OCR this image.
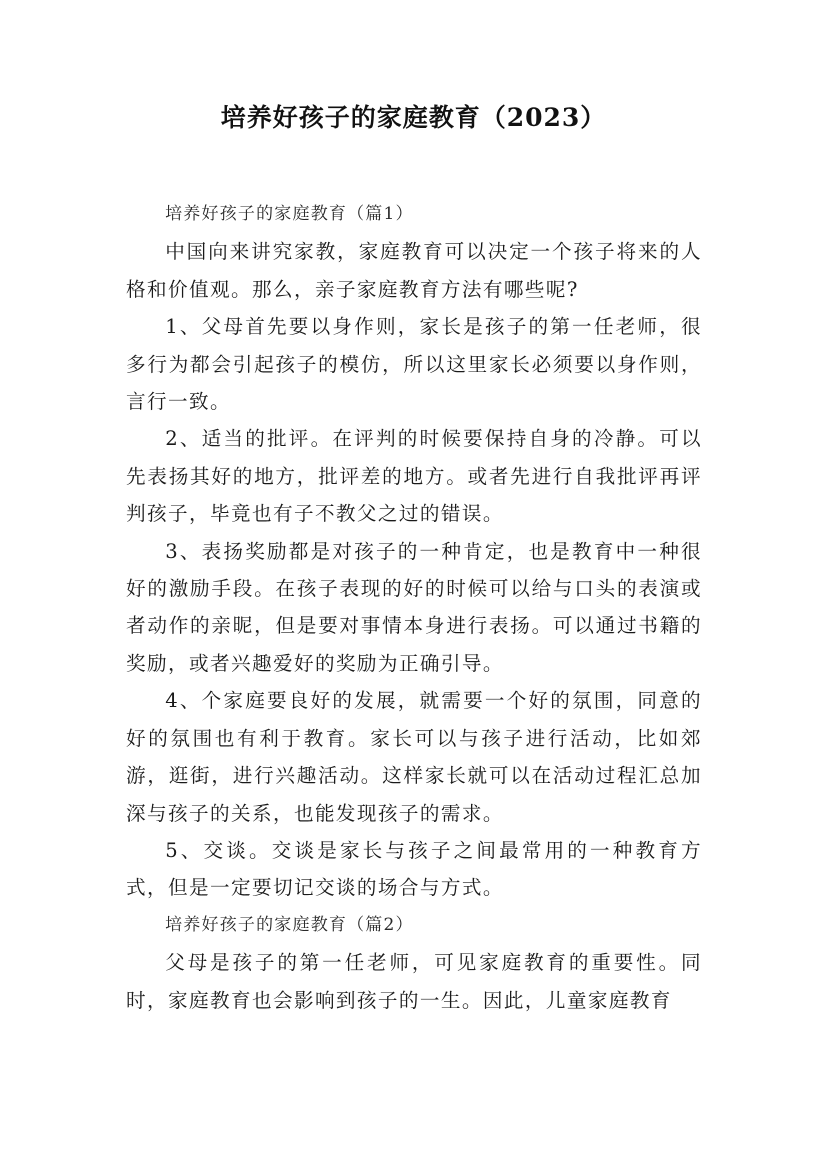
培养好孩子的家庭教育（2023）

培养好孩子的家庭教育（篇1）

中国向来讲究家教，家庭教育可以决定一个孩子将来的人格和价值观。那么，亲子家庭教育方法有哪些呢?

1、父母首先要以身作则，家长是孩子的第一任老师，很多行为都会引起孩子的模仿，所以这里家长必须要以身作则，言行一致。

2、适当的批评。在评判的时候要保持自身的冷静。可以先表扬其好的地方，批评差的地方。或者先进行自我批评再评判孩子，毕竟也有子不教父之过的错误。

3、表扬奖励都是对孩子的一种肯定，也是教育中一种很好的激励手段。在孩子表现的好的时候可以给与口头的表演或者动作的亲昵，但是要对事情本身进行表扬。可以通过书籍的奖励，或者兴趣爱好的奖励为正确引导。

4、个家庭要良好的发展，就需要一个好的氛围，同意的好的氛围也有利于教育。家长可以与孩子进行活动，比如郊游，逛街，进行兴趣活动。这样家长就可以在活动过程汇总加深与孩子的关系，也能发现孩子的需求。

5、交谈。交谈是家长与孩子之间最常用的一种教育方式，但是一定要切记交谈的场合与方式。

培养好孩子的家庭教育（篇2）

父母是孩子的第一任老师，可见家庭教育的重要性。同时，家庭教育也会影响到孩子的一生。因此，儿童家庭教育
